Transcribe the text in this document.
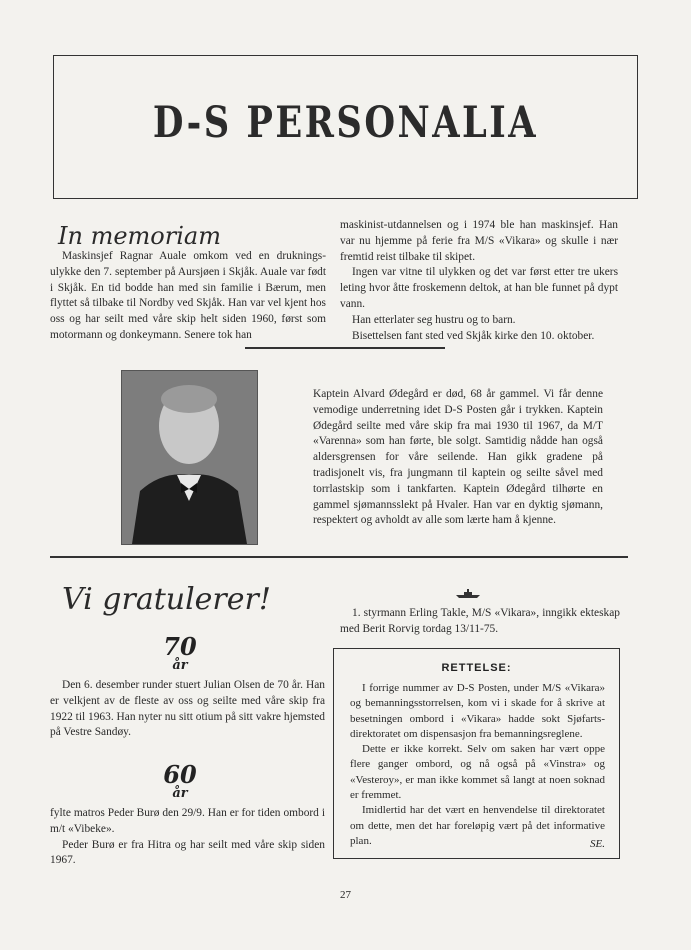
D-S PERSONALIA
In memoriam

Maskinsjef Ragnar Auale omkom ved en druknings-ulykke den 7. september på Aursjøen i Skjåk. Auale var født i Skjåk. En tid bodde han med sin familie i Bærum, men flyttet så tilbake til Nordby ved Skjåk. Han var vel kjent hos oss og har seilt med våre skip helt siden 1960, først som motormann og donkeymann. Senere tok han

maskinist-utdannelsen og i 1974 ble han maskinsjef. Han var nu hjemme på ferie fra M/S «Vikara» og skulle i nær fremtid reist tilbake til skipet.

Ingen var vitne til ulykken og det var først etter tre ukers leting hvor åtte froskemenn deltok, at han ble funnet på dypt vann.

Han etterlater seg hustru og to barn.

Bisettelsen fant sted ved Skjåk kirke den 10. oktober.

Kaptein Alvard Ødegård er død, 68 år gammel. Vi får denne vemodige underretning idet D-S Posten går i trykken. Kaptein Ødegård seilte med våre skip fra mai 1930 til 1967, da M/T «Varenna» som han førte, ble solgt. Samtidig nådde han også aldersgrensen for våre seilende. Han gikk gradene på tradisjonelt vis, fra jungmann til kaptein og seilte såvel med torrlastskip som i tankfarten. Kaptein Ødegård tilhørte en gammel sjømannsslekt på Hvaler. Han var en dyktig sjømann, respektert og avholdt av alle som lærte ham å kjenne.

Vi gratulerer!
70
år

Den 6. desember runder stuert Julian Olsen de 70 år. Han er velkjent av de fleste av oss og seilte med våre skip fra 1922 til 1963. Han nyter nu sitt otium på sitt vakre hjemsted på Vestre Sandøy.

60
år

fylte matros Peder Burø den 29/9. Han er for tiden ombord i m/t «Vibeke».

Peder Burø er fra Hitra og har seilt med våre skip siden 1967.

1. styrmann Erling Takle, M/S «Vikara», inngikk ekteskap med Berit Rorvig tordag 13/11-75.

RETTELSE:

I forrige nummer av D-S Posten, under M/S «Vikara» og bemanningsstorrelsen, kom vi i skade for å skrive at besetningen ombord i «Vikara» hadde sokt Sjøfarts-direktoratet om dispensasjon fra bemanningsreglene.

Dette er ikke korrekt. Selv om saken har vært oppe flere ganger ombord, og nå også på «Vinstra» og «Vesteroy», er man ikke kommet så langt at noen soknad er fremmet.

Imidlertid har det vært en henvendelse til direktoratet om dette, men det har foreløpig vært på det informative plan.	SE.
27
